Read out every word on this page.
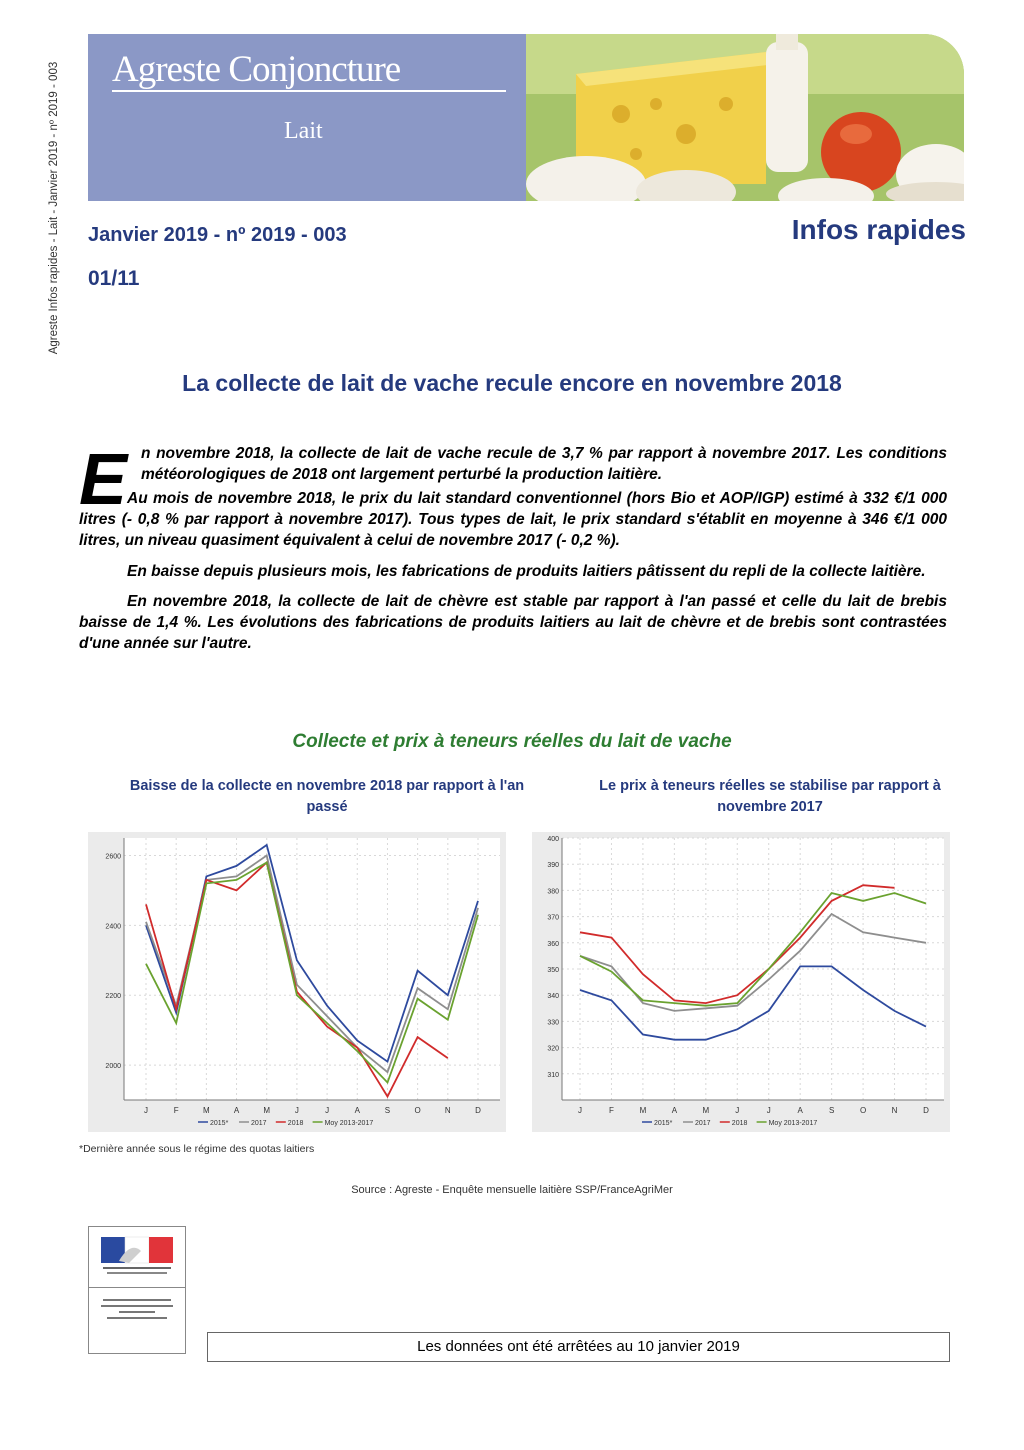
Agreste Infos rapides - Lait - Janvier 2019 - nº 2019 - 003 Agreste Conjoncture
Lait
Janvier 2019 - nº 2019 - 003
01/11
Infos rapides
La collecte de lait de vache recule encore en novembre 2018
E n novembre 2018, la collecte de lait de vache recule de 3,7 % par rapport à novembre 2017. Les conditions météorologiques de 2018 ont largement perturbé la production laitière.

Au mois de novembre 2018, le prix du lait standard conventionnel (hors Bio et AOP/IGP) estimé à 332 €/1 000 litres (- 0,8 % par rapport à novembre 2017). Tous types de lait, le prix standard s'établit en moyenne à 346 €/1 000 litres, un niveau quasiment équivalent à celui de novembre 2017 (- 0,2 %).

En baisse depuis plusieurs mois, les fabrications de produits laitiers pâtissent du repli de la collecte laitière.

En novembre 2018, la collecte de lait de chèvre est stable par rapport à l'an passé et celle du lait de brebis baisse de 1,4 %. Les évolutions des fabrications de produits laitiers au lait de chèvre et de brebis sont contrastées d'une année sur l'autre.

Collecte et prix à teneurs réelles du lait de vache
Baisse de la collecte en novembre 2018 par rapport à l'an passé
Le prix à teneurs réelles se stabilise par rapport à novembre 2017
2000
2200
2400
2600
J	F	M	A	M	J	J	A	S	O	N	D
2015*	2017	2018	Moy 2013-2017
310
320
330
340
350
360
370
380
390
400
J	F	M	A	M	J	J	A	S	O	N	D
2015*	2017	2018	Moy 2013-2017
*Dernière année sous le régime des quotas laitiers
Source : Agreste - Enquête mensuelle laitière SSP/FranceAgriMer
Les données ont été arrêtées au 10 janvier 2019
